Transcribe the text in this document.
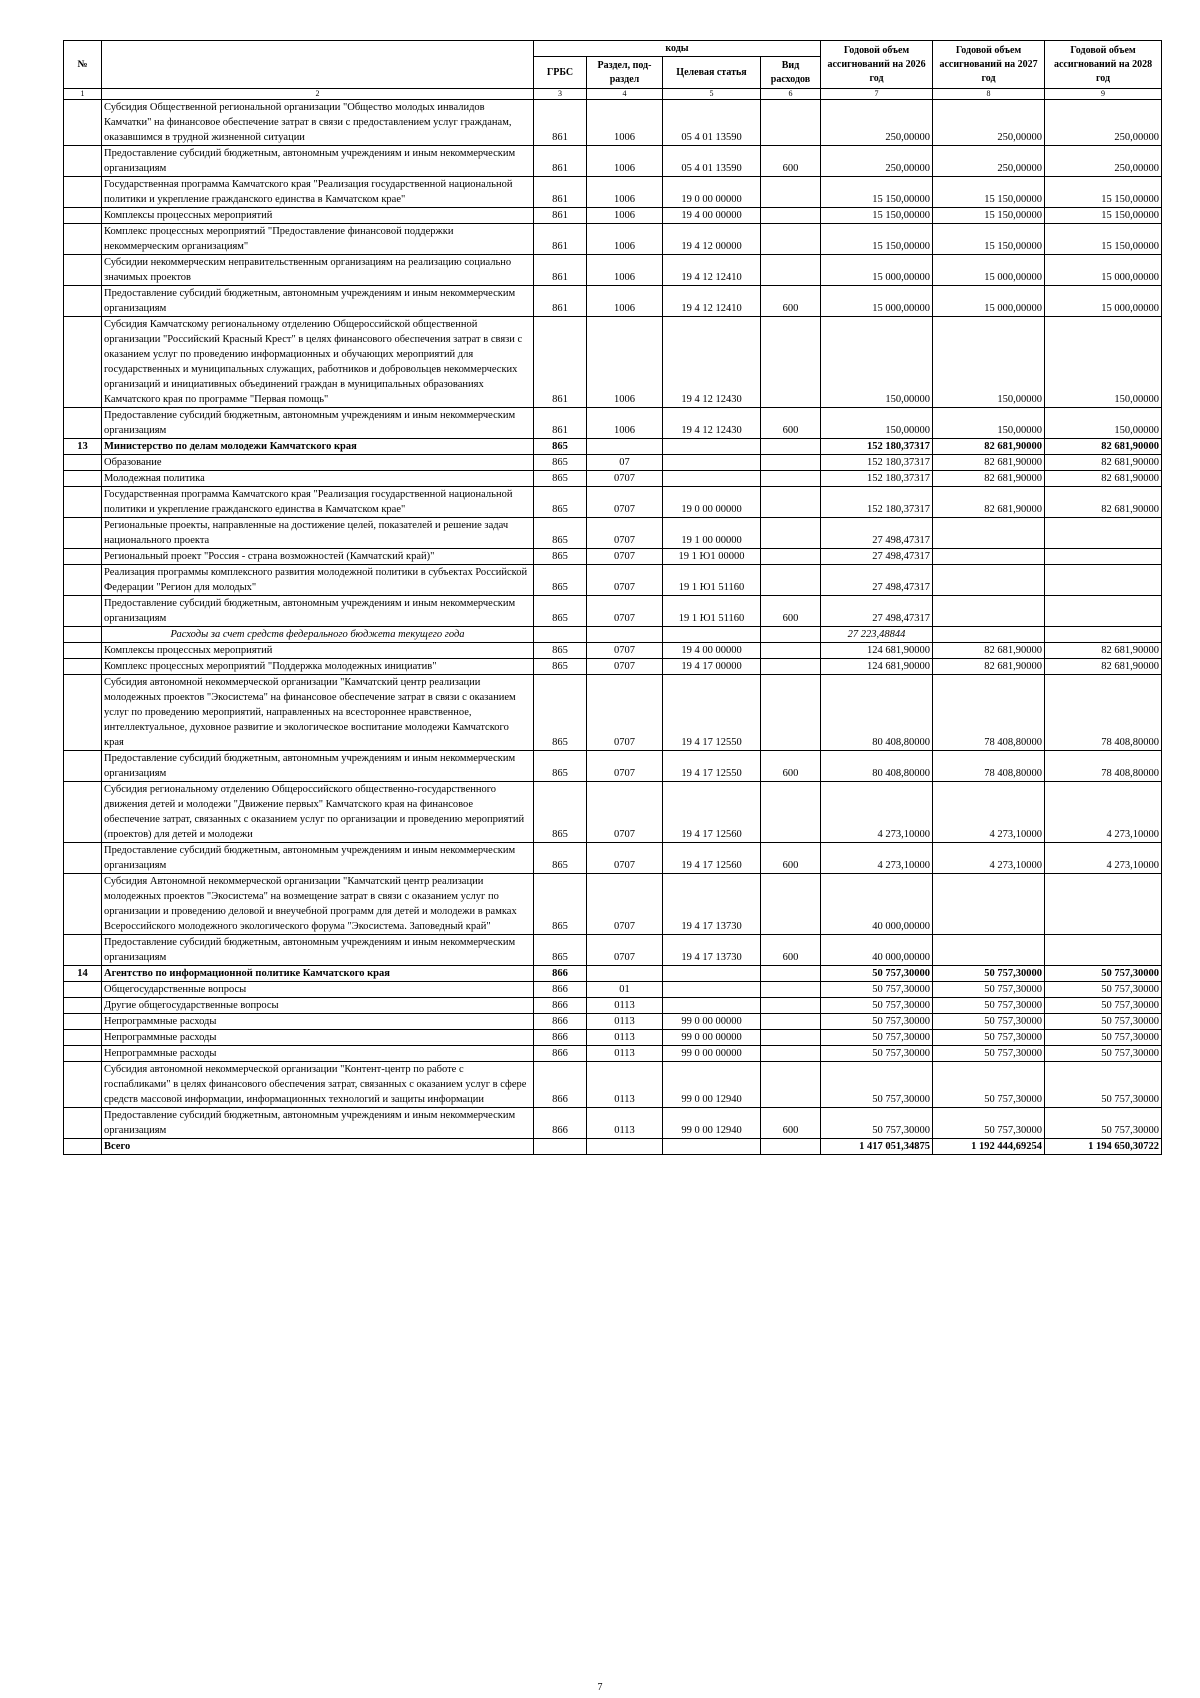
№		коды				Годовой объем ассигнований на 2026 год	Годовой объем ассигнований на 2027 год	Годовой объем ассигнований на 2028 год
		ГРБС	Раздел, под-раздел	Целевая статья	Вид расходов			
1	2	3	4	5	6	7	8	9
	Субсидия Общественной региональной организации "Общество молодых инвалидов Камчатки" на финансовое обеспечение затрат в связи с предоставлением услуг гражданам, оказавшимся в трудной жизненной ситуации	861	1006	05 4 01 13590		250,00000	250,00000	250,00000
	Предоставление субсидий бюджетным, автономным учреждениям и иным некоммерческим организациям	861	1006	05 4 01 13590	600	250,00000	250,00000	250,00000
	Государственная программа Камчатского края "Реализация государственной национальной политики и укрепление гражданского единства в Камчатском крае"	861	1006	19 0 00 00000		15 150,00000	15 150,00000	15 150,00000
	Комплексы процессных мероприятий	861	1006	19 4 00 00000		15 150,00000	15 150,00000	15 150,00000
	Комплекс процессных мероприятий "Предоставление финансовой поддержки некоммерческим организациям"	861	1006	19 4 12 00000		15 150,00000	15 150,00000	15 150,00000
	Субсидии некоммерческим неправительственным организациям на реализацию социально значимых проектов	861	1006	19 4 12 12410		15 000,00000	15 000,00000	15 000,00000
	Предоставление субсидий бюджетным, автономным учреждениям и иным некоммерческим организациям	861	1006	19 4 12 12410	600	15 000,00000	15 000,00000	15 000,00000
	Субсидия Камчатскому региональному отделению Общероссийской общественной организации "Российский Красный Крест" в целях финансового обеспечения затрат в связи с оказанием услуг по проведению информационных и обучающих мероприятий для государственных и муниципальных служащих, работников и добровольцев некоммерческих организаций и инициативных объединений граждан в муниципальных образованиях Камчатского края по программе "Первая помощь"	861	1006	19 4 12 12430		150,00000	150,00000	150,00000
	Предоставление субсидий бюджетным, автономным учреждениям и иным некоммерческим организациям	861	1006	19 4 12 12430	600	150,00000	150,00000	150,00000
13	Министерство по делам молодежи Камчатского края	865				152 180,37317	82 681,90000	82 681,90000
	Образование	865	07			152 180,37317	82 681,90000	82 681,90000
	Молодежная политика	865	0707			152 180,37317	82 681,90000	82 681,90000
	Государственная программа Камчатского края "Реализация государственной национальной политики и укрепление гражданского единства в Камчатском крае"	865	0707	19 0 00 00000		152 180,37317	82 681,90000	82 681,90000
	Региональные проекты, направленные на достижение целей, показателей и решение задач национального проекта	865	0707	19 1 00 00000		27 498,47317		
	Региональный проект "Россия - страна возможностей (Камчатский край)"	865	0707	19 1 Ю1 00000		27 498,47317		
	Реализация программы комплексного развития молодежной политики в субъектах Российской Федерации "Регион для молодых"	865	0707	19 1 Ю1 51160		27 498,47317		
	Предоставление субсидий бюджетным, автономным учреждениям и иным некоммерческим организациям	865	0707	19 1 Ю1 51160	600	27 498,47317		
	Расходы за счет средств федерального бюджета текущего года					27 223,48844		
	Комплексы процессных мероприятий	865	0707	19 4 00 00000		124 681,90000	82 681,90000	82 681,90000
	Комплекс процессных мероприятий "Поддержка молодежных инициатив"	865	0707	19 4 17 00000		124 681,90000	82 681,90000	82 681,90000
	Субсидия автономной некоммерческой организации "Камчатский центр реализации молодежных проектов "Экосистема" на финансовое обеспечение затрат в связи с оказанием услуг по проведению мероприятий, направленных на всестороннее нравственное, интеллектуальное, духовное развитие и экологическое воспитание молодежи Камчатского края	865	0707	19 4 17 12550		80 408,80000	78 408,80000	78 408,80000
	Предоставление субсидий бюджетным, автономным учреждениям и иным некоммерческим организациям	865	0707	19 4 17 12550	600	80 408,80000	78 408,80000	78 408,80000
	Субсидия региональному отделению Общероссийского общественно-государственного движения детей и молодежи "Движение первых" Камчатского края на финансовое обеспечение затрат, связанных с оказанием услуг по организации и проведению мероприятий (проектов) для детей и молодежи	865	0707	19 4 17 12560		4 273,10000	4 273,10000	4 273,10000
	Предоставление субсидий бюджетным, автономным учреждениям и иным некоммерческим организациям	865	0707	19 4 17 12560	600	4 273,10000	4 273,10000	4 273,10000
	Субсидия Автономной некоммерческой организации "Камчатский центр реализации молодежных проектов "Экосистема" на возмещение затрат в связи с оказанием услуг по организации и проведению деловой и внеучебной программ для детей и молодежи в рамках Всероссийского молодежного экологического форума "Экосистема. Заповедный край"	865	0707	19 4 17 13730		40 000,00000		
	Предоставление субсидий бюджетным, автономным учреждениям и иным некоммерческим организациям	865	0707	19 4 17 13730	600	40 000,00000		
14	Агентство по информационной политике Камчатского края	866				50 757,30000	50 757,30000	50 757,30000
	Общегосударственные вопросы	866	01			50 757,30000	50 757,30000	50 757,30000
	Другие общегосударственные вопросы	866	0113			50 757,30000	50 757,30000	50 757,30000
	Непрограммные расходы	866	0113	99 0 00 00000		50 757,30000	50 757,30000	50 757,30000
	Непрограммные расходы	866	0113	99 0 00 00000		50 757,30000	50 757,30000	50 757,30000
	Непрограммные расходы	866	0113	99 0 00 00000		50 757,30000	50 757,30000	50 757,30000
	Субсидия автономной некоммерческой организации "Контент-центр по работе с госпабликами" в целях финансового обеспечения затрат, связанных с оказанием услуг в сфере средств массовой информации, информационных технологий и защиты информации	866	0113	99 0 00 12940		50 757,30000	50 757,30000	50 757,30000
	Предоставление субсидий бюджетным, автономным учреждениям и иным некоммерческим организациям	866	0113	99 0 00 12940	600	50 757,30000	50 757,30000	50 757,30000
	Всего					1 417 051,34875	1 192 444,69254	1 194 650,30722
7
